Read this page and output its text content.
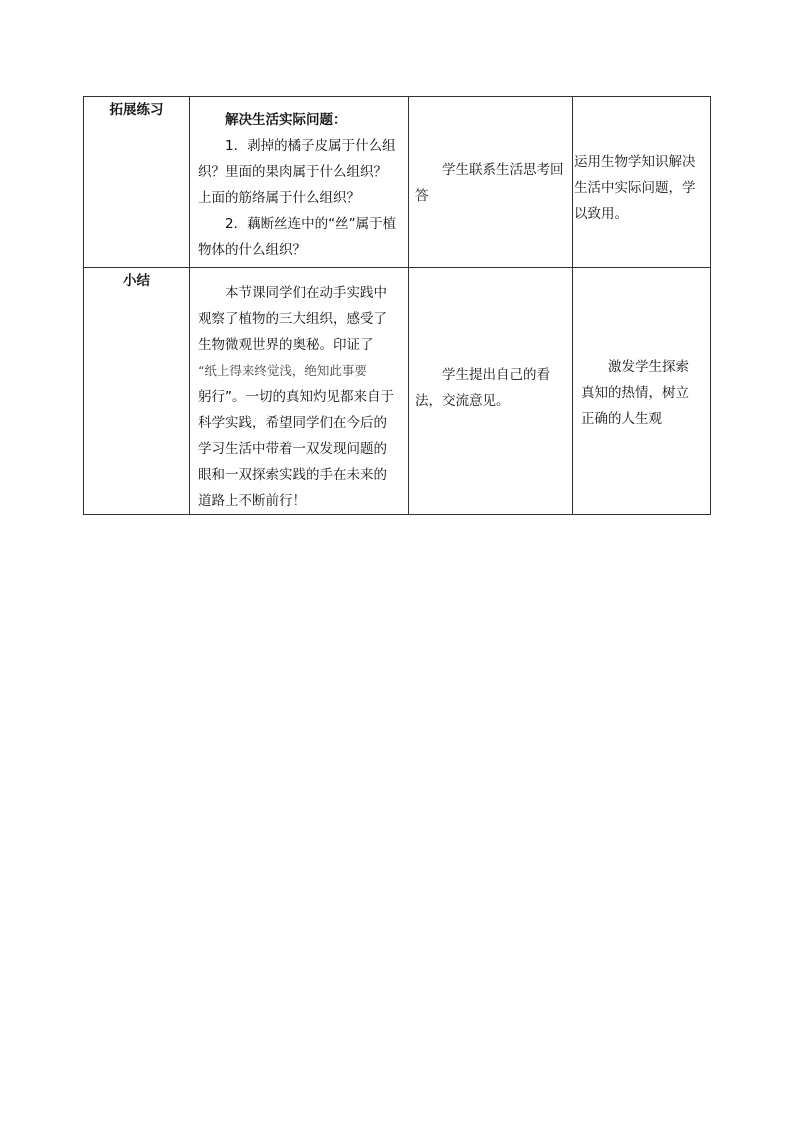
拓展练习	解决生活实际问题：
1．剥掉的橘子皮属于什么组织？里面的果肉属于什么组织？上面的筋络属于什么组织？
2．藕断丝连中的“丝”属于植物体的什么组织？	学生联系生活思考回答	运用生物学知识解决生活中实际问题，学以致用。

小结	本节课同学们在动手实践中观察了植物的三大组织，感受了生物微观世界的奥秘。印证了
“纸上得来终觉浅，绝知此事要
躬行”。一切的真知灼见都来自于科学实践，希望同学们在今后的学习生活中带着一双发现问题的眼和一双探索实践的手在未来的道路上不断前行！	学生提出自己的看法，交流意见。	激发学生探索真知的热情，树立正确的人生观
